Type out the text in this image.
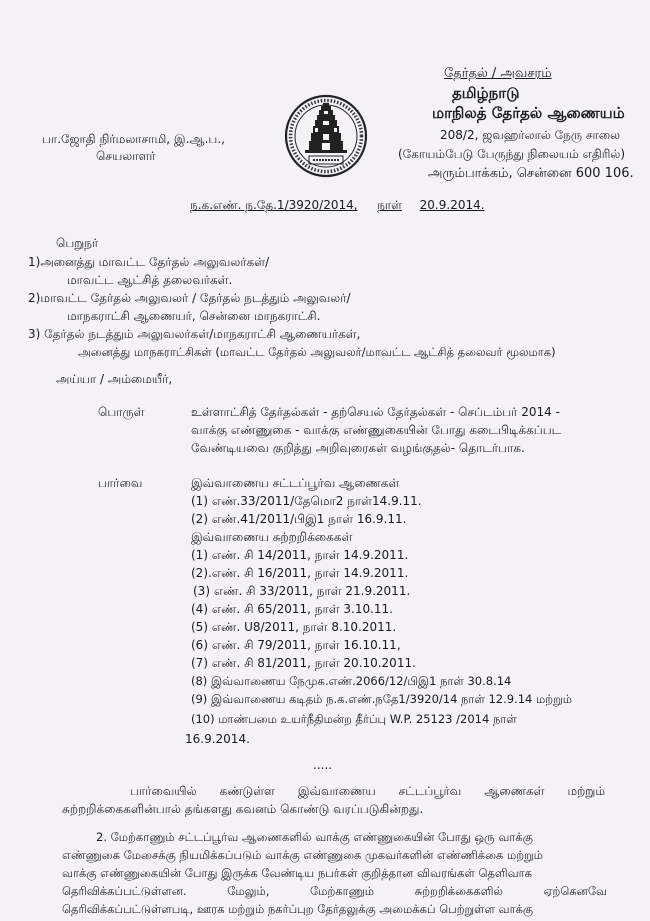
தேர்தல் / அவசரம்
தமிழ்நாடு
மாநிலத் தேர்தல் ஆணையம்
208/2, ஜவஹர்லால் நேரு சாலை
(கோயம்பேடு பேருந்து நிலையம் எதிரில்)
அரும்பாக்கம், சென்னை 600 106.
பா.ஜோதி நிர்மலாசாமி, இ.ஆ.ப.,
செயலாளர்
ந.க.எண். ந.தே.1/3920/2014, நாள் 20.9.2014.
பெறுநர்
1)அனைத்து மாவட்ட தேர்தல் அலுவலர்கள்/
மாவட்ட ஆட்சித் தலைவர்கள்.
2)மாவட்ட தேர்தல் அலுவலர் / தேர்தல் நடத்தும் அலுவலர்/
மாநகராட்சி ஆணையர், சென்னை மாநகராட்சி.
3) தேர்தல் நடத்தும் அலுவலர்கள்/மாநகராட்சி ஆணையர்கள்,
அனைத்து மாநகராட்சிகள் (மாவட்ட தேர்தல் அலுவலர்/மாவட்ட ஆட்சித் தலைவர் மூலமாக)
அய்யா / அம்மையீர்,
பொருள்	உள்ளாட்சித் தேர்தல்கள் - தற்செயல் தேர்தல்கள் - செப்டம்பர் 2014 -
வாக்கு எண்ணுகை - வாக்கு எண்ணுகையின் போது கடைபிடிக்கப்பட
வேண்டியவை குறித்து அறிவுரைகள் வழங்குதல்- தொடர்பாக.
பார்வை	இவ்வாணைய சட்டப்பூர்வ ஆணைகள்
(1) எண்.33/2011/தேமொ2 நாள்14.9.11.
(2) எண்.41/2011/பிஇ1 நாள் 16.9.11.
இவ்வாணைய சுற்றறிக்கைகள்
(1) எண். சி 14/2011, நாள் 14.9.2011.
(2).எண். சி 16/2011, நாள் 14.9.2011.
(3) எண். சி 33/2011, நாள் 21.9.2011.
(4) எண். சி 65/2011, நாள் 3.10.11.
(5) எண். U8/2011, நாள் 8.10.2011.
(6) எண். சி 79/2011, நாள் 16.10.11,
(7) எண். சி 81/2011, நாள் 20.10.2011.
(8) இவ்வாணைய நேமுக.எண்.2066/12/பிஇ1 நாள் 30.8.14
(9) இவ்வாணைய கடிதம் ந.க.எண்.நதே1/3920/14 நாள் 12.9.14 மற்றும்
(10) மாண்பமை உயர்நீதிமன்ற தீர்ப்பு W.P. 25123 /2014 நாள்
16.9.2014.
.....
பார்வையில் கண்டுள்ள இவ்வாணைய சட்டப்பூர்வ ஆணைகள் மற்றும்
சுற்றறிக்கைகளின்பால் தங்களது கவனம் கொண்டு வரப்படுகின்றது.
2. மேற்காணும் சட்டப்பூர்வ ஆணைகளில் வாக்கு எண்ணுகையின் போது ஒரு வாக்கு
எண்ணுகை மேசைக்கு நியமிக்கப்படும் வாக்கு எண்ணுகை முகவர்களின் எண்ணிக்கை மற்றும்
வாக்கு எண்ணுகையின் போது இருக்க வேண்டிய நபர்கள் குறித்தான விவரங்கள் தெளிவாக
தெரிவிக்கப்பட்டுள்ளன. மேலும், மேற்காணும் சுற்றறிக்கைகளில் ஏற்கெனவே
தெரிவிக்கப்பட்டுள்ளபடி, ஊரக மற்றும் நகர்ப்புற தேர்தலுக்கு அமைக்கப் பெற்றுள்ள வாக்கு
